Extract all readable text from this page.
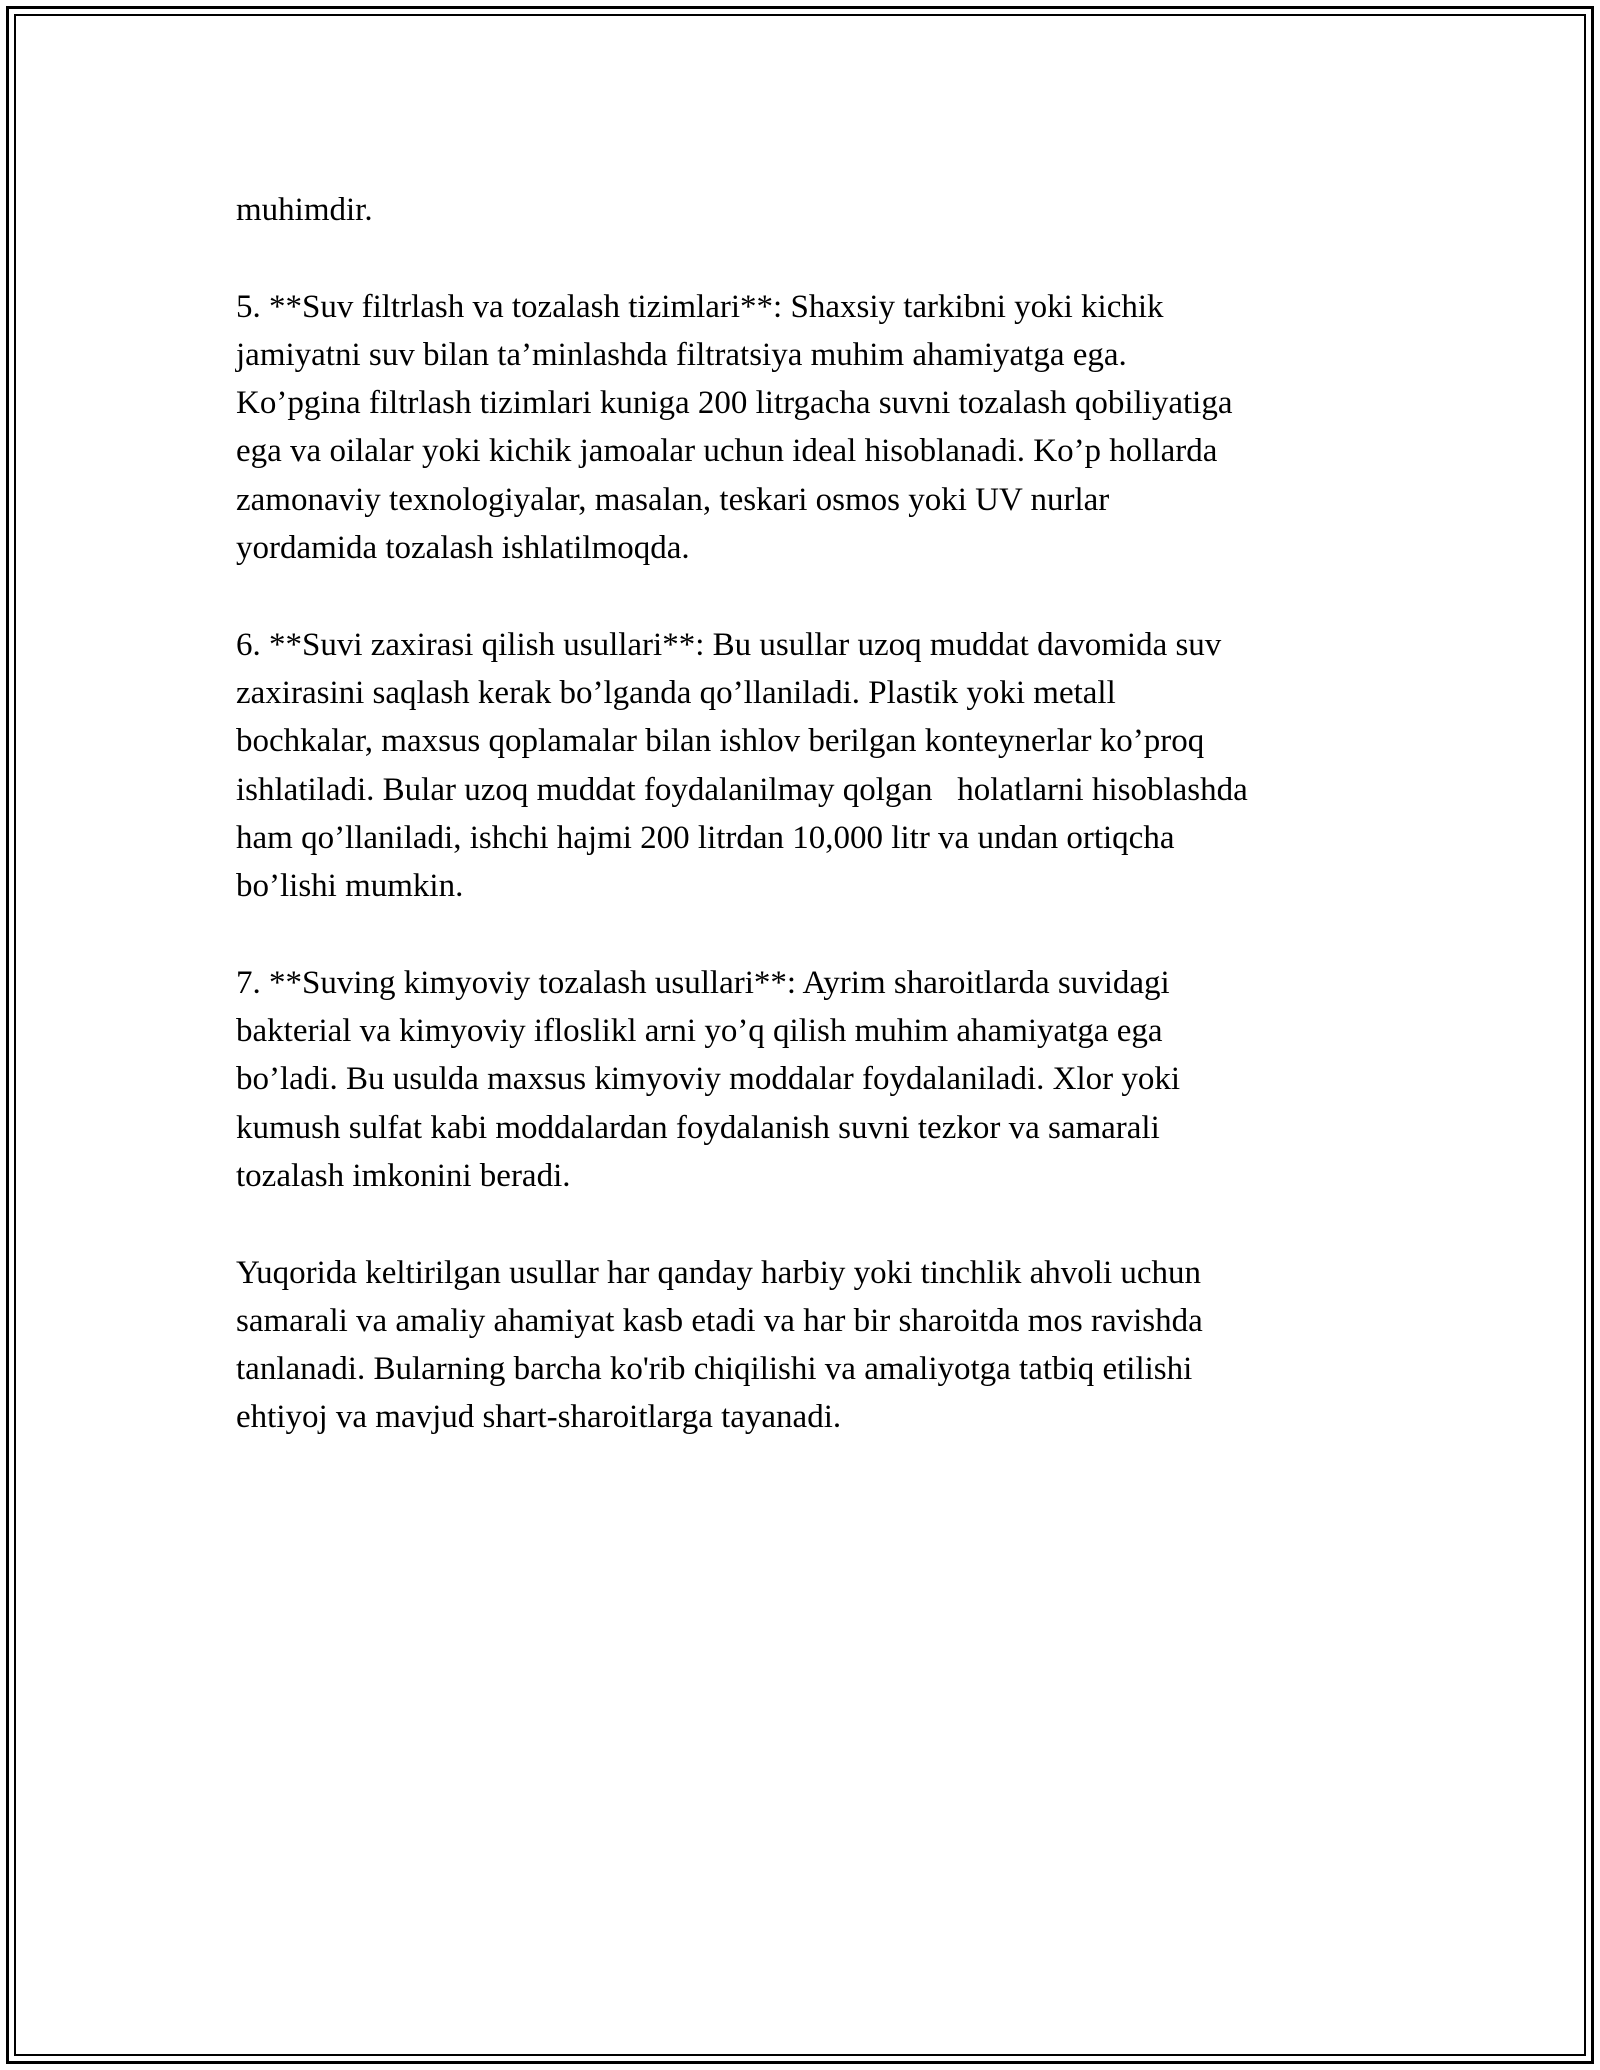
muhimdir.
5. **Suv filtrlash va tozalash tizimlari**: Shaxsiy tarkibni yoki kichik
jamiyatni suv bilan ta’minlashda filtratsiya muhim ahamiyatga ega.
Ko’pgina filtrlash tizimlari kuniga 200 litrgacha suvni tozalash qobiliyatiga
ega va oilalar yoki kichik jamoalar uchun ideal hisoblanadi. Ko’p hollarda
zamonaviy texnologiyalar, masalan, teskari osmos yoki UV nurlar
yordamida tozalash ishlatilmoqda.
6. **Suvi zaxirasi qilish usullari**: Bu usullar uzoq muddat davomida suv
zaxirasini saqlash kerak bo’lganda qo’llaniladi. Plastik yoki metall
bochkalar, maxsus qoplamalar bilan ishlov berilgan konteynerlar ko’proq
ishlatiladi. Bular uzoq muddat foydalanilmay qolgan   holatlarni hisoblashda
ham qo’llaniladi, ishchi hajmi 200 litrdan 10,000 litr va undan ortiqcha
bo’lishi mumkin.
7. **Suving kimyoviy tozalash usullari**: Ayrim sharoitlarda suvidagi
bakterial va kimyoviy ifloslikl arni yo’q qilish muhim ahamiyatga ega
bo’ladi. Bu usulda maxsus kimyoviy moddalar foydalaniladi. Xlor yoki
kumush sulfat kabi moddalardan foydalanish suvni tezkor va samarali
tozalash imkonini beradi.
Yuqorida keltirilgan usullar har qanday harbiy yoki tinchlik ahvoli uchun
samarali va amaliy ahamiyat kasb etadi va har bir sharoitda mos ravishda
tanlanadi. Bularning barcha ko'rib chiqilishi va amaliyotga tatbiq etilishi
ehtiyoj va mavjud shart-sharoitlarga tayanadi.
